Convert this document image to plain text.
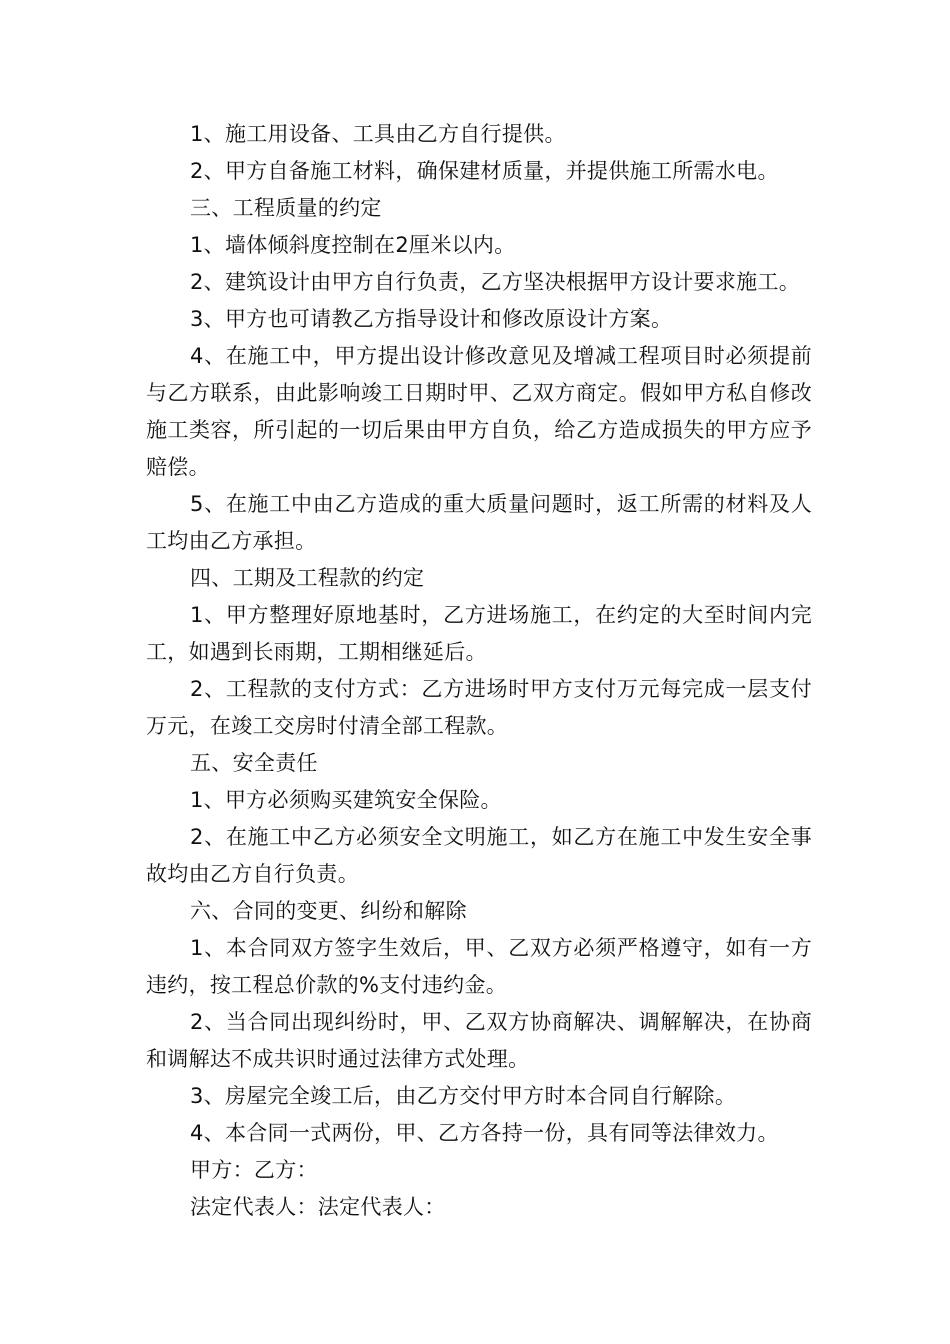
1、施工用设备、工具由乙方自行提供。

2、甲方自备施工材料，确保建材质量，并提供施工所需水电。

三、工程质量的约定

1、墙体倾斜度控制在2厘米以内。

2、建筑设计由甲方自行负责，乙方坚决根据甲方设计要求施工。

3、甲方也可请教乙方指导设计和修改原设计方案。

4、在施工中，甲方提出设计修改意见及增减工程项目时必须提前与乙方联系，由此影响竣工日期时甲、乙双方商定。假如甲方私自修改施工类容，所引起的一切后果由甲方自负，给乙方造成损失的甲方应予赔偿。

5、在施工中由乙方造成的重大质量问题时，返工所需的材料及人工均由乙方承担。

四、工期及工程款的约定

1、甲方整理好原地基时，乙方进场施工，在约定的大至时间内完工，如遇到长雨期，工期相继延后。

2、工程款的支付方式：乙方进场时甲方支付万元每完成一层支付万元，在竣工交房时付清全部工程款。

五、安全责任

1、甲方必须购买建筑安全保险。

2、在施工中乙方必须安全文明施工，如乙方在施工中发生安全事故均由乙方自行负责。

六、合同的变更、纠纷和解除

1、本合同双方签字生效后，甲、乙双方必须严格遵守，如有一方违约，按工程总价款的%支付违约金。

2、当合同出现纠纷时，甲、乙双方协商解决、调解解决，在协商和调解达不成共识时通过法律方式处理。

3、房屋完全竣工后，由乙方交付甲方时本合同自行解除。

4、本合同一式两份，甲、乙方各持一份，具有同等法律效力。

甲方：乙方：

法定代表人：法定代表人：
